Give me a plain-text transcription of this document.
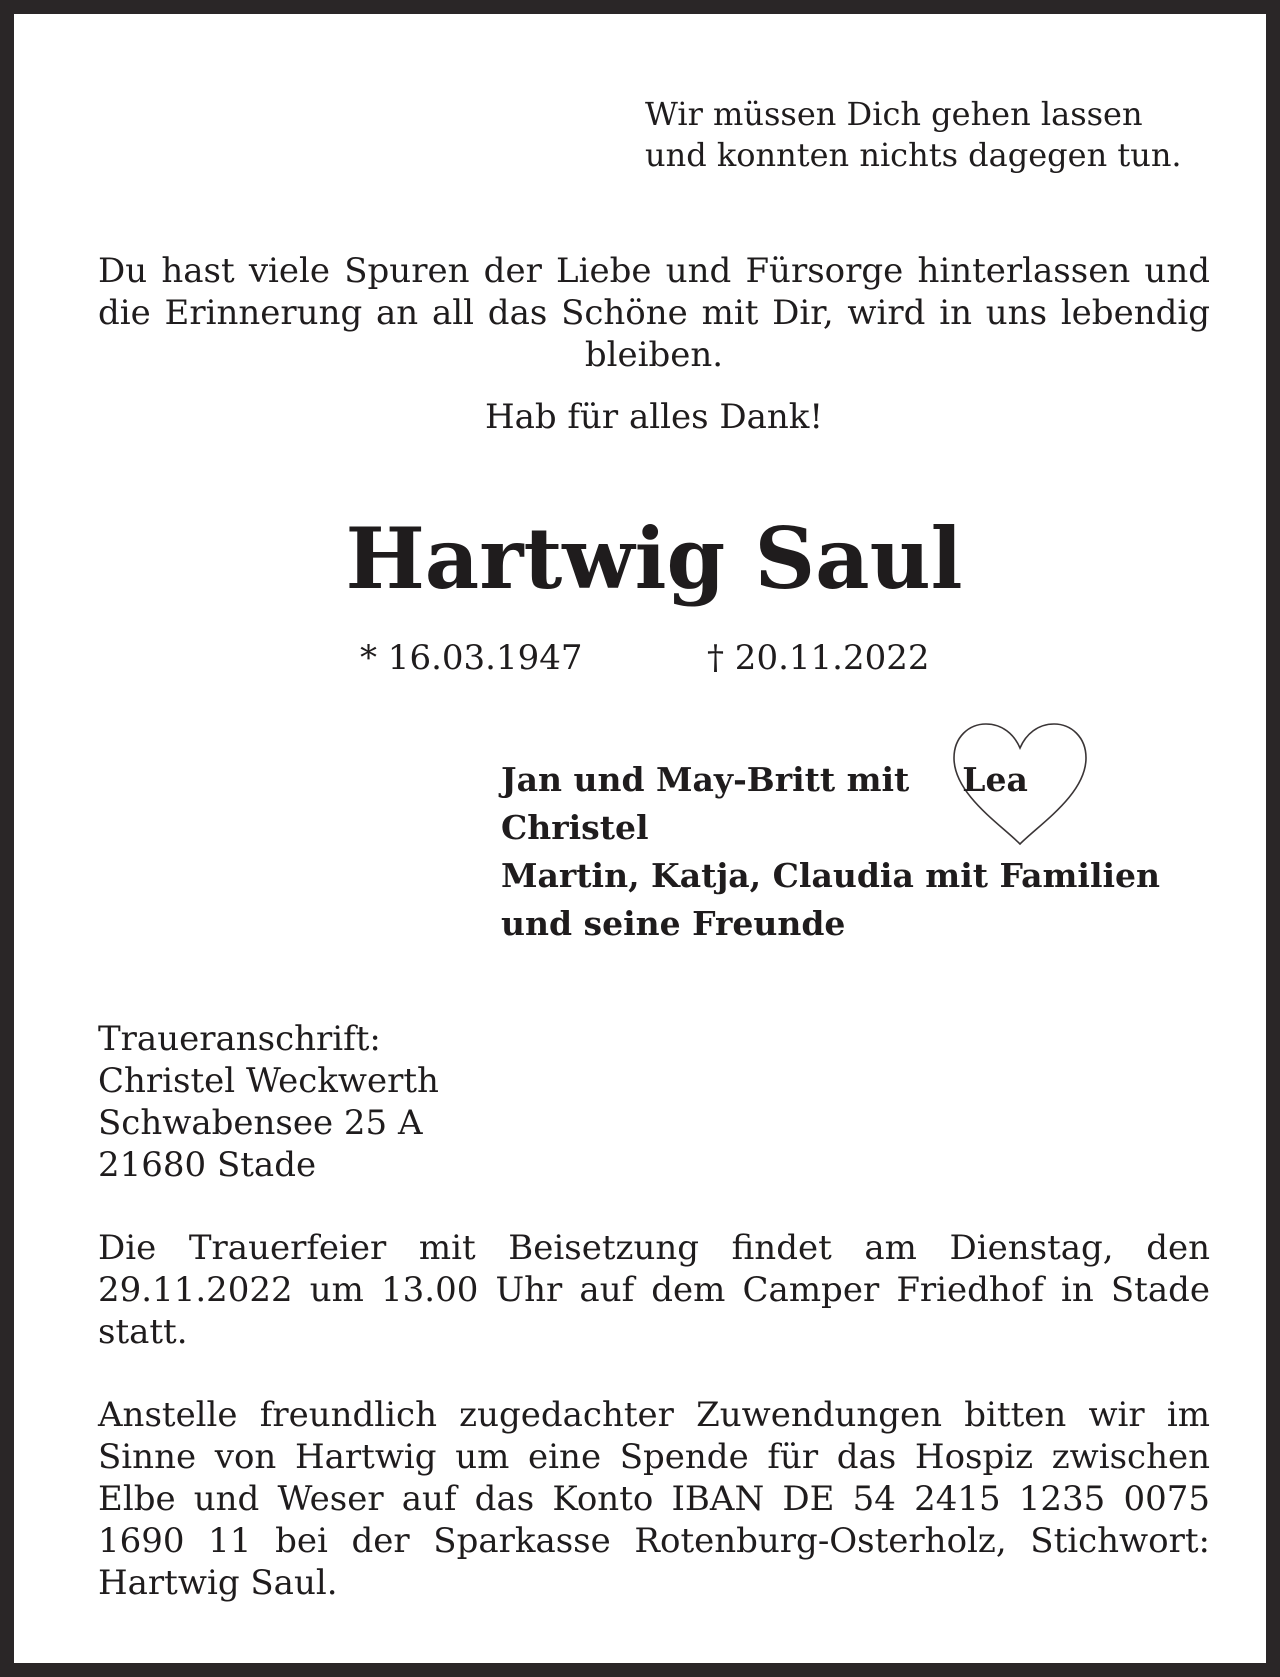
Wir müssen Dich gehen lassen
und konnten nichts dagegen tun.
Du hast viele Spuren der Liebe und Fürsorge hinterlassen und die Erinnerung an all das Schöne mit Dir, wird in uns lebendig bleiben.
Hab für alles Dank!
Hartwig Saul
* 16.03.1947	† 20.11.2022
Jan und May-Britt mit Lea
Christel
Martin, Katja, Claudia mit Familien
und seine Freunde
Traueranschrift:
Christel Weckwerth
Schwabensee 25 A
21680 Stade
Die Trauerfeier mit Beisetzung findet am Dienstag, den 29.11.2022 um 13.00 Uhr auf dem Camper Friedhof in Stade statt.
Anstelle freundlich zugedachter Zuwendungen bitten wir im Sinne von Hartwig um eine Spende für das Hospiz zwischen Elbe und Weser auf das Konto IBAN DE 54 2415 1235 0075 1690 11 bei der Sparkasse Rotenburg-Osterholz, Stichwort: Hartwig Saul.
